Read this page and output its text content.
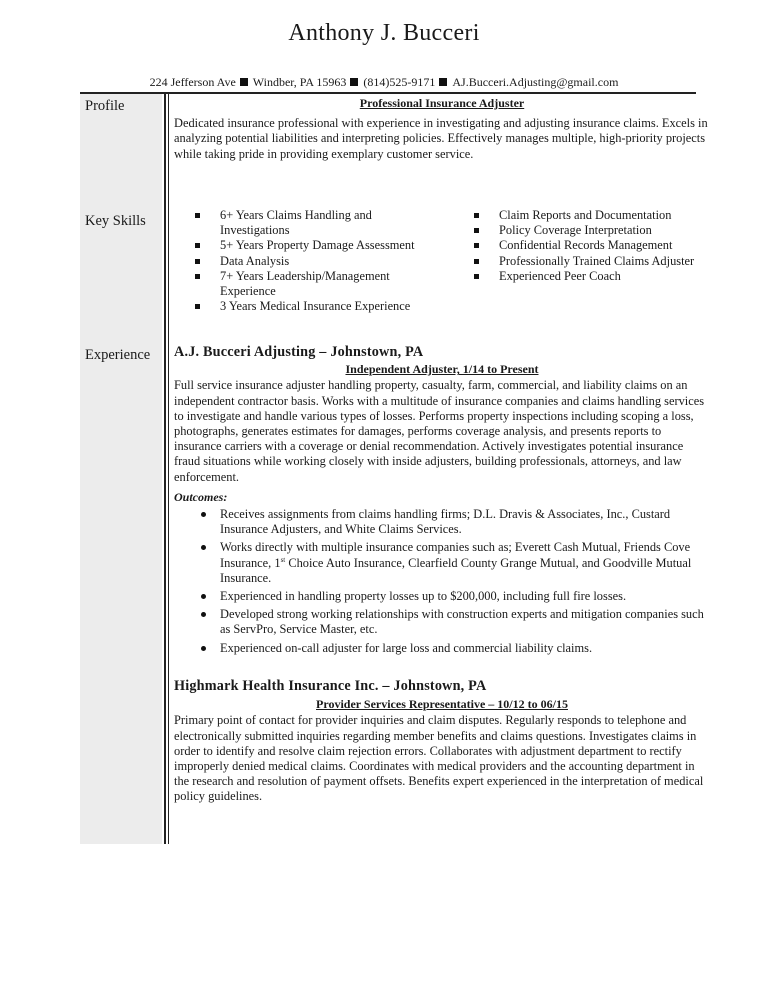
Anthony J. Bucceri
224 Jefferson Ave Windber, PA 15963 (814)525-9171 AJ.Bucceri.Adjusting@gmail.com
Profile
Key Skills
Experience
Professional Insurance Adjuster
Dedicated insurance professional with experience in investigating and adjusting insurance claims. Excels in analyzing potential liabilities and interpreting policies. Effectively manages multiple, high-priority projects while taking pride in providing exemplary customer service.
6+ Years Claims Handling and Investigations
5+ Years Property Damage Assessment
Data Analysis
7+ Years Leadership/Management Experience
3 Years Medical Insurance Experience
Claim Reports and Documentation
Policy Coverage Interpretation
Confidential Records Management
Professionally Trained Claims Adjuster
Experienced Peer Coach
A.J. Bucceri Adjusting – Johnstown, PA
Independent Adjuster, 1/14 to Present
Full service insurance adjuster handling property, casualty, farm, commercial, and liability claims on an independent contractor basis. Works with a multitude of insurance companies and claims handling services to investigate and handle various types of losses. Performs property inspections including scoping a loss, photographs, generates estimates for damages, performs coverage analysis, and presents reports to insurance carriers with a coverage or denial recommendation. Actively investigates potential insurance fraud situations while working closely with inside adjusters, building professionals, attorneys, and law enforcement.
Outcomes:
Receives assignments from claims handling firms; D.L. Dravis & Associates, Inc., Custard Insurance Adjusters, and White Claims Services.
Works directly with multiple insurance companies such as; Everett Cash Mutual, Friends Cove Insurance, 1st Choice Auto Insurance, Clearfield County Grange Mutual, and Goodville Mutual Insurance.
Experienced in handling property losses up to $200,000, including full fire losses.
Developed strong working relationships with construction experts and mitigation companies such as ServPro, Service Master, etc.
Experienced on-call adjuster for large loss and commercial liability claims.
Highmark Health Insurance Inc. – Johnstown, PA
Provider Services Representative – 10/12 to 06/15
Primary point of contact for provider inquiries and claim disputes. Regularly responds to telephone and electronically submitted inquiries regarding member benefits and claims questions. Investigates claims in order to identify and resolve claim rejection errors. Collaborates with adjustment department to rectify improperly denied medical claims. Coordinates with medical providers and the accounting department in the research and resolution of payment offsets. Benefits expert experienced in the interpretation of medical policy guidelines.
